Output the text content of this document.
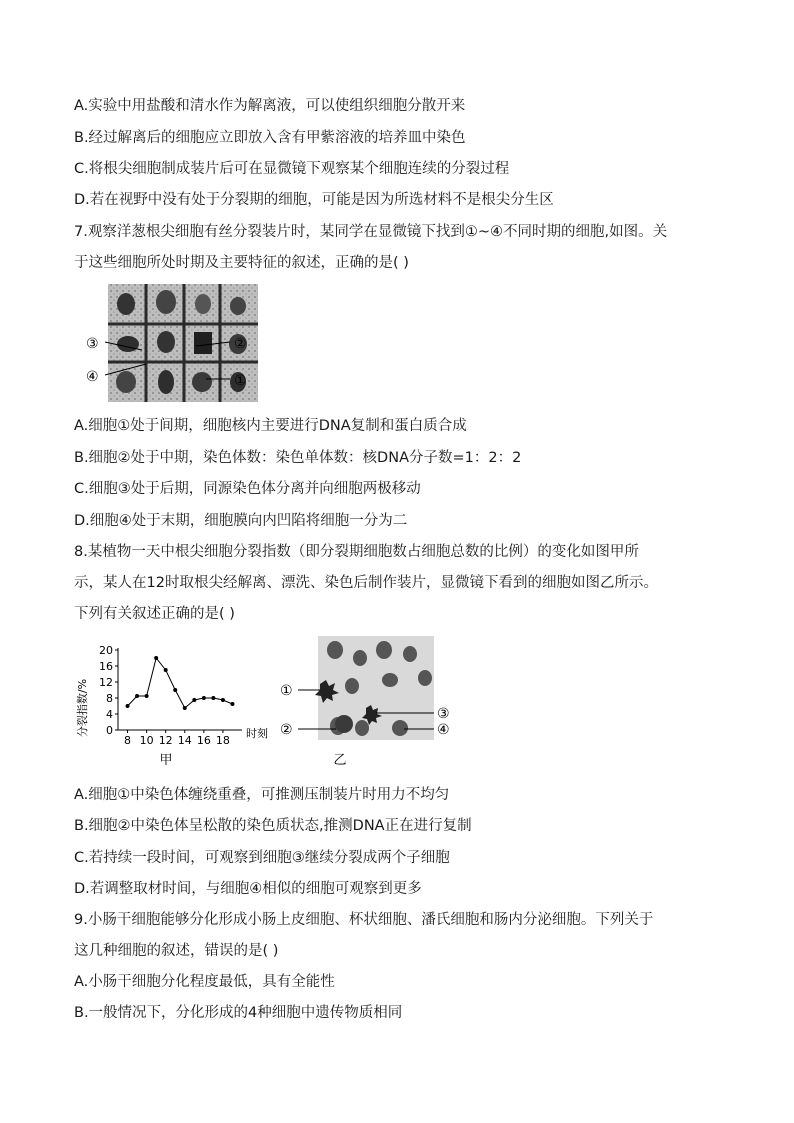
A.实验中用盐酸和清水作为解离液，可以使组织细胞分散开来
B.经过解离后的细胞应立即放入含有甲紫溶液的培养皿中染色
C.将根尖细胞制成装片后可在显微镜下观察某个细胞连续的分裂过程
D.若在视野中没有处于分裂期的细胞，可能是因为所选材料不是根尖分生区
7.观察洋葱根尖细胞有丝分裂装片时，某同学在显微镜下找到①~④不同时期的细胞,如图。关
于这些细胞所处时期及主要特征的叙述，正确的是( )
③
④
②
①
A.细胞①处于间期，细胞核内主要进行DNA复制和蛋白质合成
B.细胞②处于中期，染色体数：染色单体数：核DNA分子数=1：2：2
C.细胞③处于后期，同源染色体分离并向细胞两极移动
D.细胞④处于末期，细胞膜向内凹陷将细胞一分为二
8.某植物一天中根尖细胞分裂指数（即分裂期细胞数占细胞总数的比例）的变化如图甲所
示，某人在12时取根尖经解离、漂洗、染色后制作装片，显微镜下看到的细胞如图乙所示。
下列有关叙述正确的是( )
0
4
8
12
16
20
8 10 12 14 16 18
分裂指数/%	时刻
甲
①
②
③
④
乙
A.细胞①中染色体缠绕重叠，可推测压制装片时用力不均匀
B.细胞②中染色体呈松散的染色质状态,推测DNA正在进行复制
C.若持续一段时间，可观察到细胞③继续分裂成两个子细胞
D.若调整取材时间，与细胞④相似的细胞可观察到更多
9.小肠干细胞能够分化形成小肠上皮细胞、杯状细胞、潘氏细胞和肠内分泌细胞。下列关于
这几种细胞的叙述，错误的是( )
A.小肠干细胞分化程度最低，具有全能性
B.一般情况下，分化形成的4种细胞中遗传物质相同
